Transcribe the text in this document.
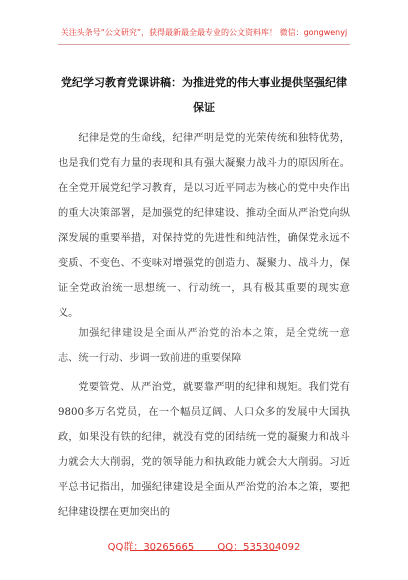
关注头条号“公文研究”，获得最新最全最专业的公文资料库！ 微信：gongwenyj
党纪学习教育党课讲稿：为推进党的伟大事业提供坚强纪律保证

纪律是党的生命线，纪律严明是党的光荣传统和独特优势，也是我们党有力量的表现和具有强大凝聚力战斗力的原因所在。在全党开展党纪学习教育，是以习近平同志为核心的党中央作出的重大决策部署，是加强党的纪律建设、推动全面从严治党向纵深发展的重要举措，对保持党的先进性和纯洁性，确保党永远不变质、不变色、不变味对增强党的创造力、凝聚力、战斗力，保证全党政治统一思想统一、行动统一，具有极其重要的现实意义。

加强纪律建设是全面从严治党的治本之策，是全党统一意志、统一行动、步调一致前进的重要保障

党要管党、从严治党，就要靠严明的纪律和规矩。我们党有9800多万名党员，在一个幅员辽阔、人口众多的发展中大国执政，如果没有铁的纪律，就没有党的团结统一党的凝聚力和战斗力就会大大削弱，党的领导能力和执政能力就会大大削弱。习近平总书记指出，加强纪律建设是全面从严治党的治本之策，要把纪律建设摆在更加突出的

QQ群：30265665 QQ：535304092
